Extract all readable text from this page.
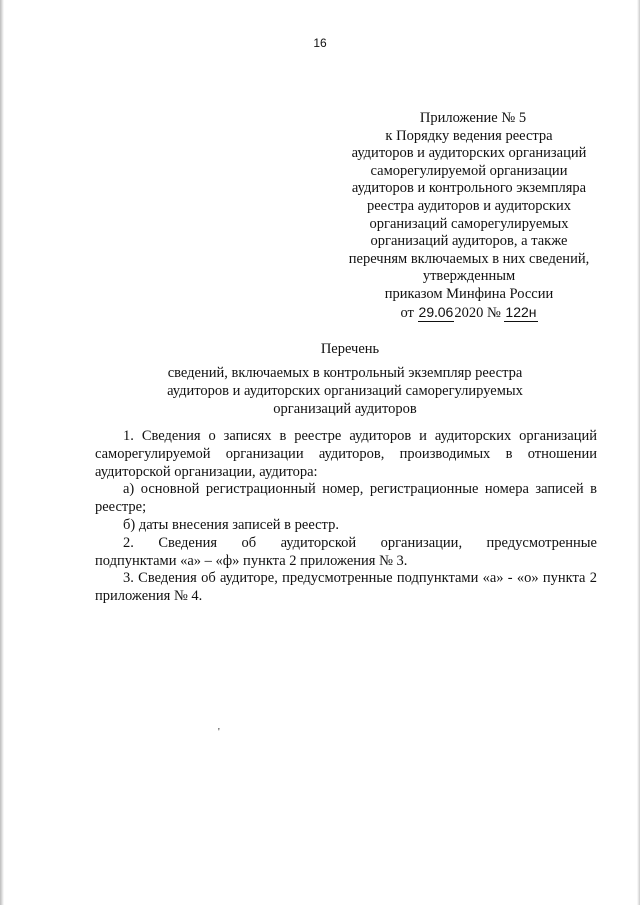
16
Приложение № 5
к Порядку ведения реестра
аудиторов и аудиторских организаций
саморегулируемой организации
аудиторов и контрольного экземпляра
реестра аудиторов и аудиторских
организаций саморегулируемых
организаций аудиторов, а также
перечням включаемых в них сведений,
утвержденным
приказом Минфина России
от 29.062020 № 122н
Перечень
сведений, включаемых в контрольный экземпляр реестра
аудиторов и аудиторских организаций саморегулируемых
организаций аудиторов

1. Сведения о записях в реестре аудиторов и аудиторских организаций саморегулируемой организации аудиторов, производимых в отношении аудиторской организации, аудитора:

а) основной регистрационный номер, регистрационные номера записей в реестре;

б) даты внесения записей в реестр.

2. Сведения об аудиторской организации, предусмотренные

подпунктами «а» – «ф» пункта 2 приложения № 3.

3. Сведения об аудиторе, предусмотренные подпунктами «а» - «о» пункта 2 приложения № 4.

'
